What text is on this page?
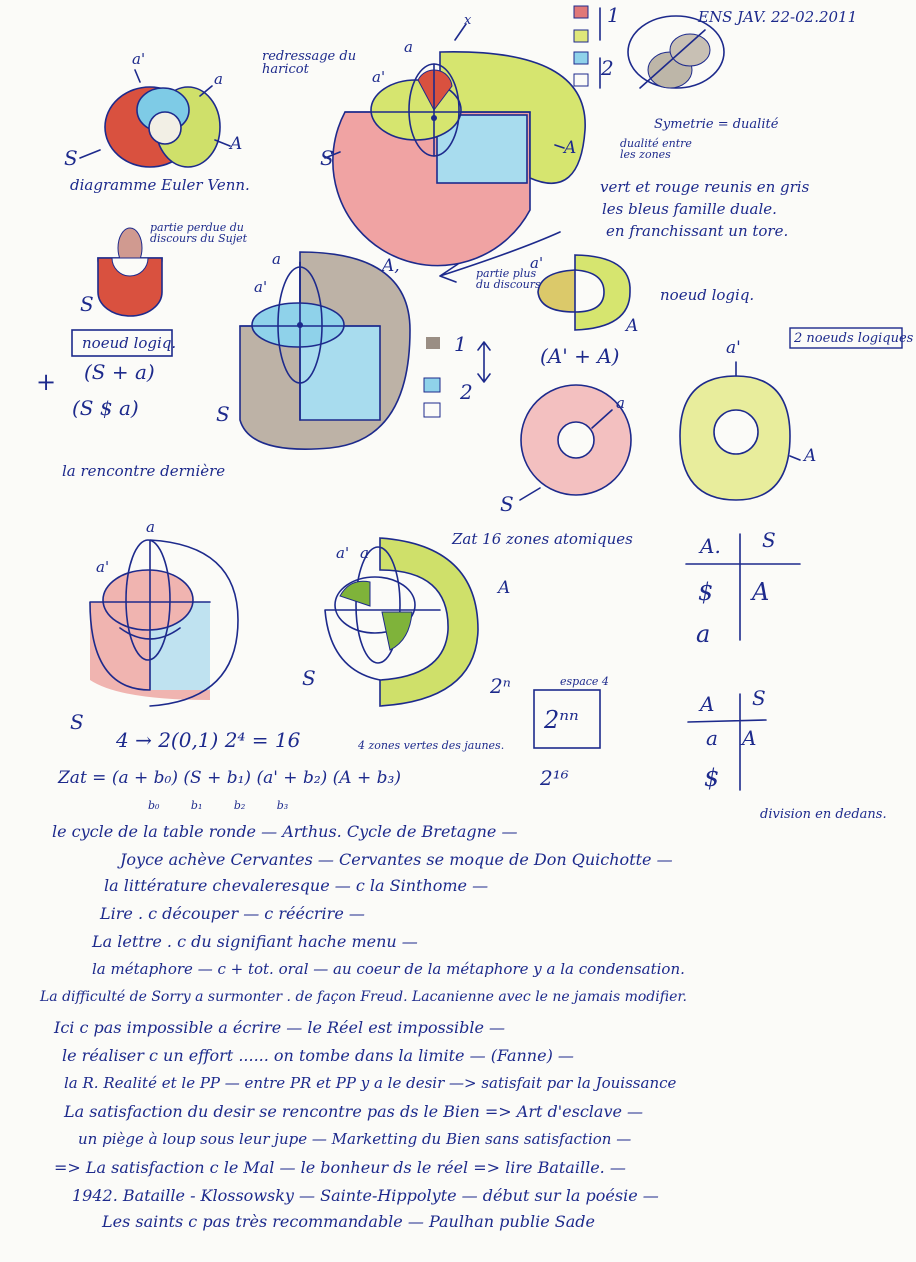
ENS JAV. 22-02.2011
1
2
a'
a
S
A
diagramme Euler Venn.
redressage du haricot
a
a'
x
S	A
Symetrie = dualité
dualité entre les zones
vert et rouge reunis en gris
les bleus famille duale.
en franchissant un tore.
partie perdue du discours du Sujet
S
noeud logiq.
(S + a)
+
(S $ a)
la rencontre dernière
a
a'
A,
S
1
2
partie plus du discours
a'
A
noeud logiq.
2 noeuds logiques
(A' + A)
a
S
a'
A
a
a'
S
a
a'
A
S
Zat 16 zones atomiques
4 zones vertes des jaunes.
4 → 2(0,1) 2⁴ = 16
espace 4
2ⁿ
2ⁿⁿ
2¹⁶
Zat = (a + b₀) (S + b₁) (a' + b₂) (A + b₃)
b₀         b₁         b₂         b₃
A. S
$ A
a
A S
a A
$
division en dedans.
le cycle de la table ronde — Arthus. Cycle de Bretagne —
Joyce achève Cervantes — Cervantes se moque de Don Quichotte —
la littérature chevaleresque — c la Sinthome —
Lire . c découper — c réécrire —
La lettre . c du signifiant hache menu —
la métaphore — c + tot. oral — au coeur de la métaphore y a la condensation.
La difficulté de Sorry a surmonter . de façon Freud. Lacanienne avec le ne jamais modifier.
Ici c pas impossible a écrire — le Réel est impossible —
le réaliser c un effort ...... on tombe dans la limite — (Fanne) —
la R. Realité et le PP — entre PR et PP y a le desir —> satisfait par la Jouissance
La satisfaction du desir se rencontre pas ds le Bien => Art d'esclave —
un piège à loup sous leur jupe — Marketting du Bien sans satisfaction —
=> La satisfaction c le Mal — le bonheur ds le réel => lire Bataille. —
1942. Bataille - Klossowsky — Sainte-Hippolyte — début sur la poésie —
Les saints c pas très recommandable — Paulhan publie Sade
